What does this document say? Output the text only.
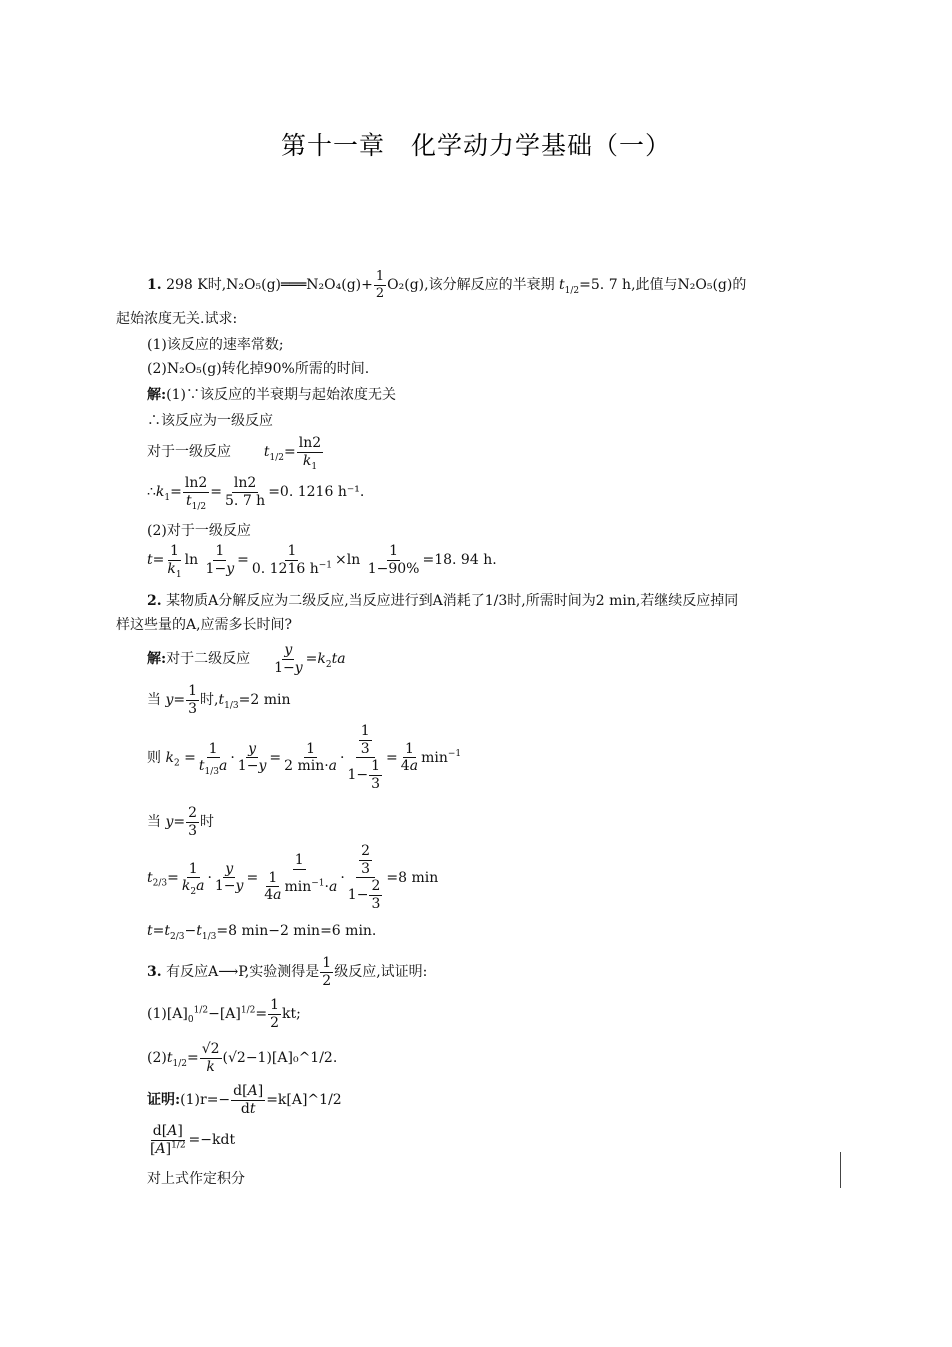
第十一章　化学动力学基础（一）
1. 298 K时,N₂O₅(g)═══N₂O₄(g)+ $\frac{1}{2} O_2(g)$,该分解反应的半衰期 $t_{1/2}=5$. 7 h,此值与N₂O₅(g)的
起始浓度无关.试求:
(1)该反应的速率常数;
(2)N₂O₅(g)转化掉90%所需的时间.
解:(1)∵该反应的半衰期与起始浓度无关
∴该反应为一级反应
对于一级反应 $t_{1/2}= \frac{\ln 2}{k_1}$
$\therefore k_1= \frac{\ln 2}{t_{1/2}} = \frac{\ln 2}{5. 7 h} =0$. 1216 h⁻¹.
(2)对于一级反应
$t= \frac{1}{k_1}$ $\ln \frac{1}{1-y} = \frac{1}{0. 1216 h^{-1}} \times\ln \frac{1}{1-90\%} =18$. 94 h.
2. 某物质A分解反应为二级反应,当反应进行到A消耗了1/3时,所需时间为2 min,若继续反应掉同
样这些量的A,应需多长时间?
解:对于二级反应 $\frac{y}{1-y} =k_2ta$
当 $y= \frac{1}{3}$ 时$,t_{1/3}=2$ min
则 $k_2 = \frac{1}{t_{1/3}a} \cdot \frac{y}{1-y}$ =
1
2 min·a
· $\frac{\frac{1}{3}}{1- \frac{1}{3}} = \frac{1}{4a} \min^{-1}$
当 $y= \frac{2}{3}$ 时
$t_{2/3}= \frac{1}{k_2a} \cdot \frac{y}{1-y}$ =
1
$\frac{1}{4a} \min^{-1}\cdot a$
· $\frac{\frac{2}{3}}{1- \frac{2}{3}} =8$ min
$t=t_{2/3}-t_{1/3}=8$ min−2 min=6 min.
3. 有反应A⟶P,实验测得是 $\frac{1}{2}$ 级反应,试证明:
$(1)[A]_0^{1/2}-[A]^{1/2}= \frac{1}{2}$ kt;
$(2)t_{1/2}= \frac{√2}{k}$ (√2−1)[A]₀^1/2.
证明:(1)r=− $\frac{d[A]}{dt}$ =k[A]^1/2
$\frac{d[A]}{[A]^{1/2}} =-kdt$
对上式作定积分
